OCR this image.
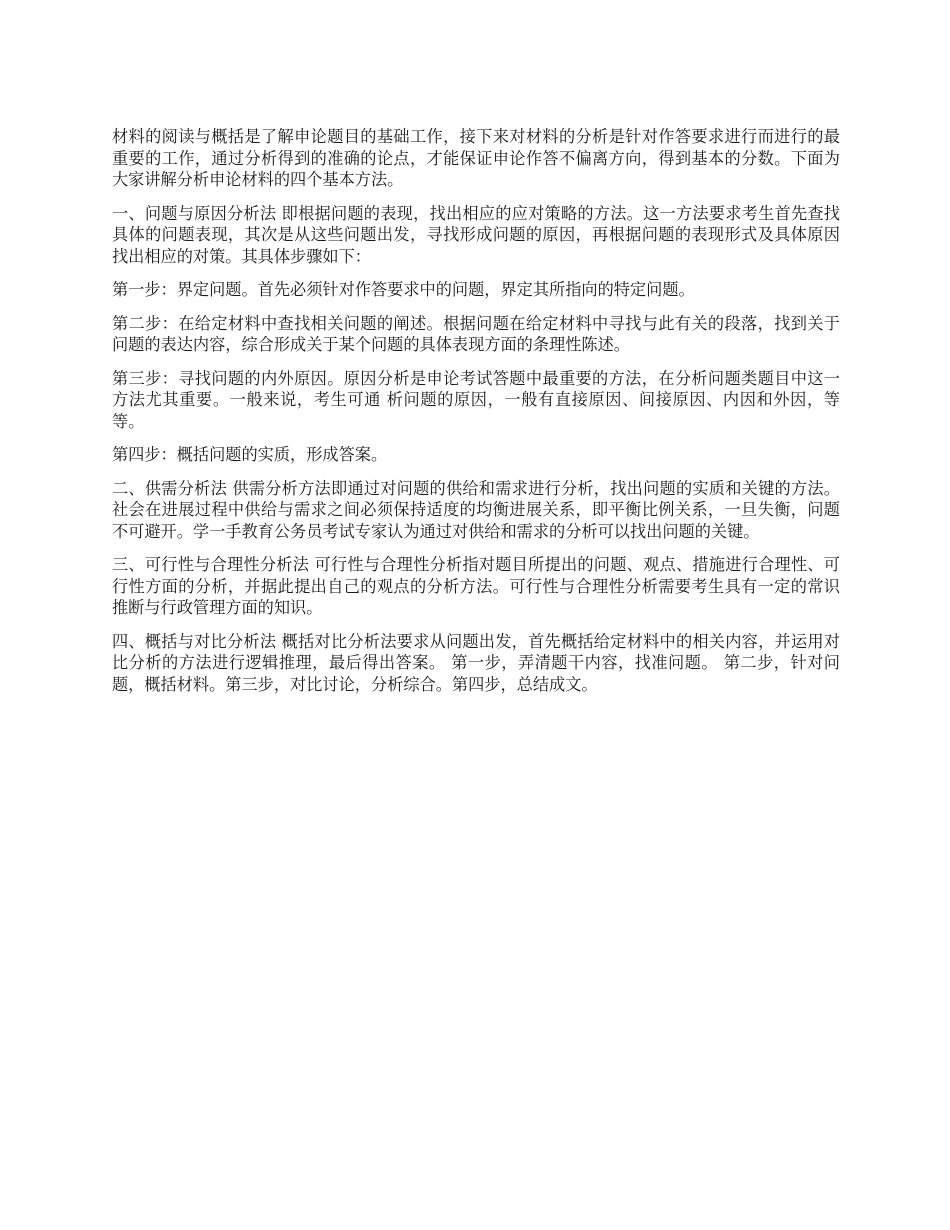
材料的阅读与概括是了解申论题目的基础工作，接下来对材料的分析是针对作答要求进行而进行的最重要的工作，通过分析得到的准确的论点，才能保证申论作答不偏离方向，得到基本的分数。下面为大家讲解分析申论材料的四个基本方法。

一、问题与原因分析法 即根据问题的表现，找出相应的应对策略的方法。这一方法要求考生首先查找具体的问题表现，其次是从这些问题出发，寻找形成问题的原因，再根据问题的表现形式及具体原因找出相应的对策。其具体步骤如下：

第一步：界定问题。首先必须针对作答要求中的问题，界定其所指向的特定问题。

第二步：在给定材料中查找相关问题的阐述。根据问题在给定材料中寻找与此有关的段落，找到关于问题的表达内容，综合形成关于某个问题的具体表现方面的条理性陈述。

第三步：寻找问题的内外原因。原因分析是申论考试答题中最重要的方法，在分析问题类题目中这一方法尤其重要。一般来说，考生可通 析问题的原因，一般有直接原因、间接原因、内因和外因，等等。

第四步：概括问题的实质，形成答案。

二、供需分析法 供需分析方法即通过对问题的供给和需求进行分析，找出问题的实质和关键的方法。社会在进展过程中供给与需求之间必须保持适度的均衡进展关系，即平衡比例关系，一旦失衡，问题不可避开。学一手教育公务员考试专家认为通过对供给和需求的分析可以找出问题的关键。

三、可行性与合理性分析法 可行性与合理性分析指对题目所提出的问题、观点、措施进行合理性、可行性方面的分析，并据此提出自己的观点的分析方法。可行性与合理性分析需要考生具有一定的常识推断与行政管理方面的知识。

四、概括与对比分析法 概括对比分析法要求从问题出发，首先概括给定材料中的相关内容，并运用对比分析的方法进行逻辑推理，最后得出答案。 第一步，弄清题干内容，找准问题。 第二步，针对问题，概括材料。第三步，对比讨论，分析综合。第四步，总结成文。
